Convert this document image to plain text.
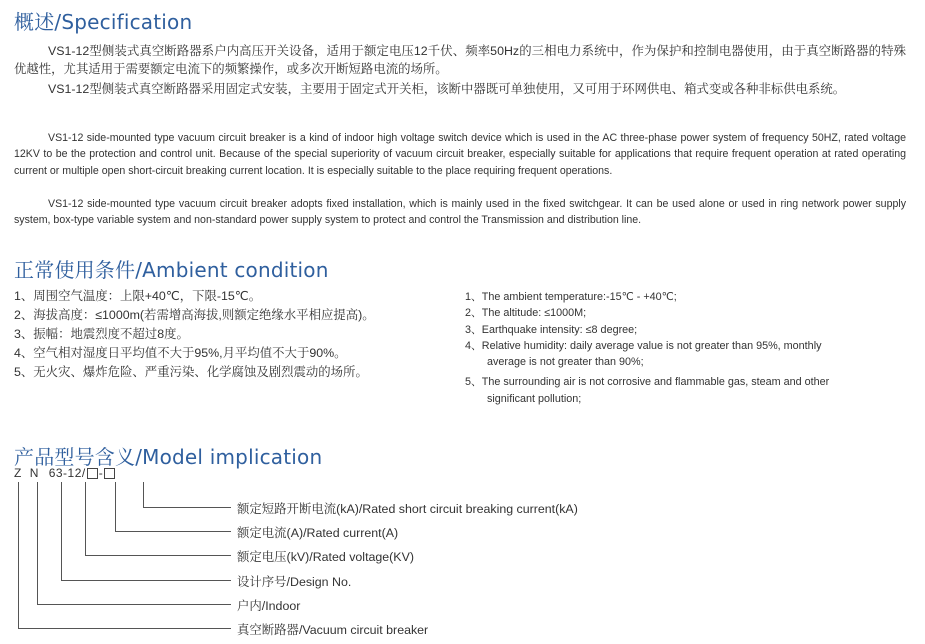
概述/Specification

VS1-12型侧装式真空断路器系户内高压开关设备，适用于额定电压12千伏、频率50Hz的三相电力系统中，作为保护和控制电器使用，由于真空断路器的特殊优越性，尤其适用于需要额定电流下的频繁操作，或多次开断短路电流的场所。

VS1-12型侧装式真空断路器采用固定式安装，主要用于固定式开关柜，该断中器既可单独使用，又可用于环网供电、箱式变或各种非标供电系统。

VS1-12 side-mounted type vacuum circuit breaker is a kind of indoor high voltage switch device which is used in the AC three-phase power system of frequency 50HZ, rated voltage 12KV to be the protection and control unit. Because of the special superiority of vacuum circuit breaker, especially suitable for applications that require frequent operation at rated operating current or multiple open short-circuit breaking current location. It is especially suitable to the place requiring frequent operations.

VS1-12 side-mounted type vacuum circuit breaker adopts fixed installation, which is mainly used in the fixed switchgear. It can be used alone or used in ring network power supply system, box-type variable system and non-standard power supply system to protect and control the Transmission and distribution line.

正常使用条件/Ambient condition
1、周围空气温度：上限+40℃，下限-15℃。
2、海拔高度：≤1000m(若需增高海拔,则额定绝缘水平相应提高)。
3、振幅：地震烈度不超过8度。
4、空气相对湿度日平均值不大于95%,月平均值不大于90%。
5、无火灾、爆炸危险、严重污染、化学腐蚀及剧烈震动的场所。
1、The ambient temperature:-15℃ - +40℃;
2、The altitude: ≤1000M;
3、Earthquake intensity: ≤8 degree;
4、Relative humidity: daily average value is not greater than 95%, monthly
average is not greater than 90%;
5、The surrounding air is not corrosive and flammable gas, steam and other
significant pollution;
产品型号含义/Model implication
Z N 63-12/ -
额定短路开断电流(kA)/Rated short circuit breaking current(kA)
额定电流(A)/Rated current(A)
额定电压(kV)/Rated voltage(KV)
设计序号/Design No.
户内/Indoor
真空断路器/Vacuum circuit breaker
